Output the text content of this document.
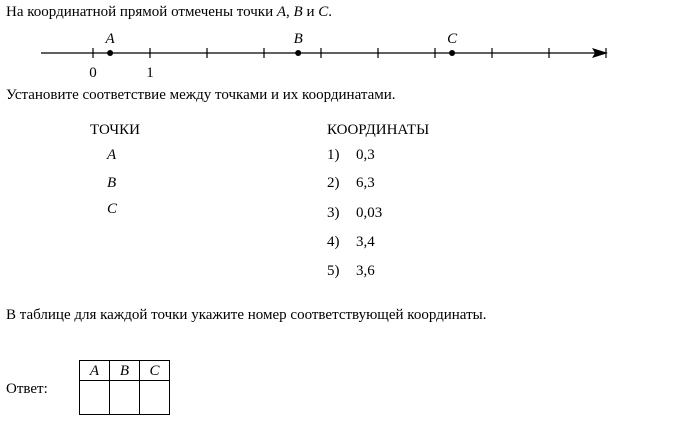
На координатной прямой отмечены точки A, B и C.
A	B	C
0	1
Установите соответствие между точками и их координатами.
ТОЧКИ	КООРДИНАТЫ
A
B
C
1) 0,3
2) 6,3
3) 0,03
4) 3,4
5) 3,6
В таблице для каждой точки укажите номер соответствующей координаты.
Ответ:
A	B	C
